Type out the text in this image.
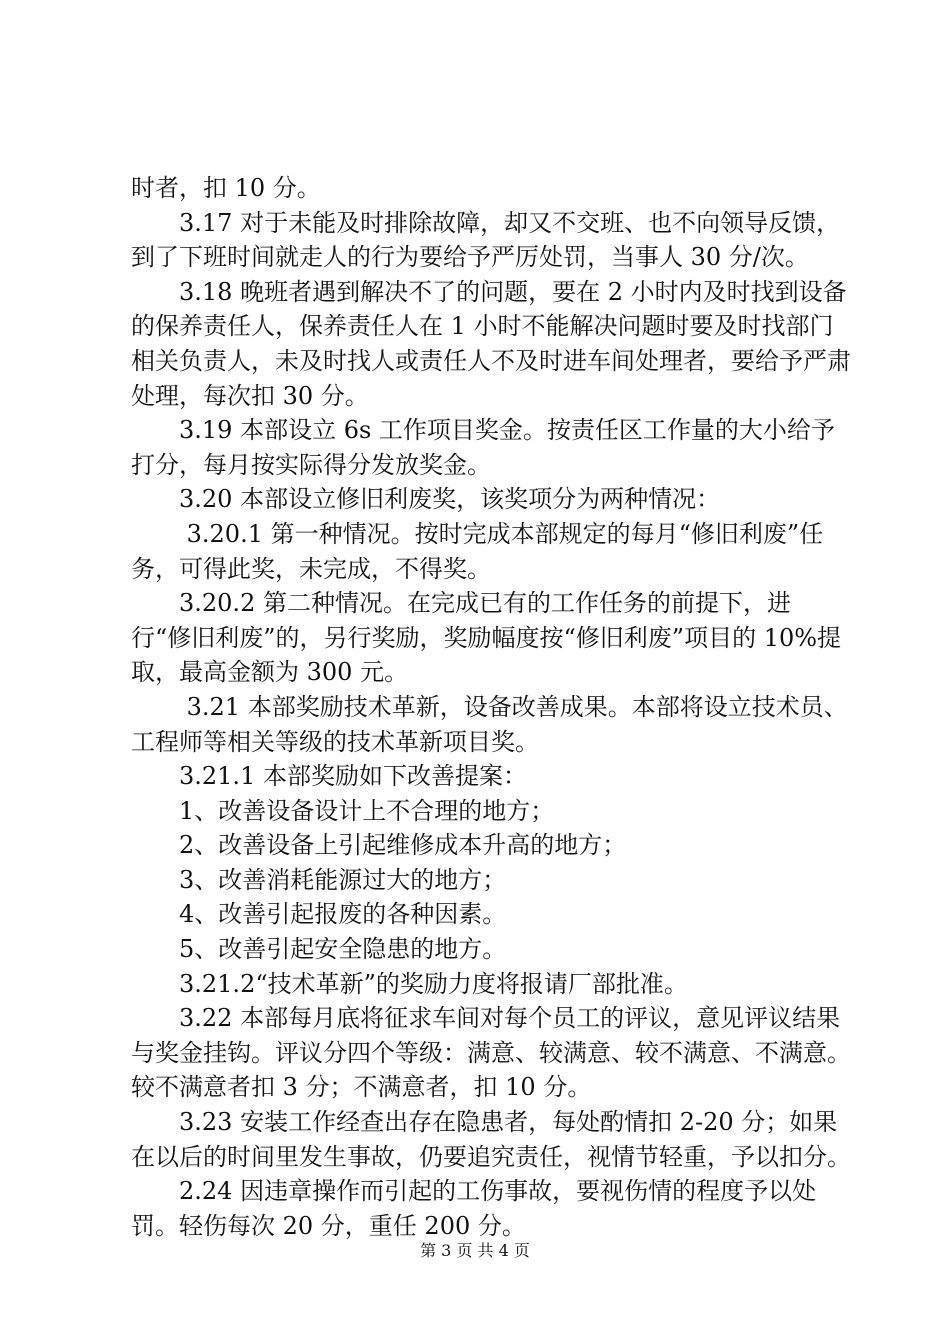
时者，扣 10 分。

　　3.17 对于未能及时排除故障，却又不交班、也不向领导反馈，到了下班时间就走人的行为要给予严厉处罚，当事人 30 分/次。

　　3.18 晚班者遇到解决不了的问题，要在 2 小时内及时找到设备的保养责任人，保养责任人在 1 小时不能解决问题时要及时找部门相关负责人，未及时找人或责任人不及时进车间处理者，要给予严肃处理，每次扣 30 分。

　　3.19 本部设立 6s 工作项目奖金。按责任区工作量的大小给予打分，每月按实际得分发放奖金。

　　3.20 本部设立修旧利废奖，该奖项分为两种情况：

　　 3.20.1 第一种情况。按时完成本部规定的每月“修旧利废”任务，可得此奖，未完成，不得奖。

　　3.20.2 第二种情况。在完成已有的工作任务的前提下，进行“修旧利废”的，另行奖励，奖励幅度按“修旧利废”项目的 10%提取，最高金额为 300 元。

　　 3.21 本部奖励技术革新，设备改善成果。本部将设立技术员、工程师等相关等级的技术革新项目奖。

　　3.21.1 本部奖励如下改善提案：

　　1、改善设备设计上不合理的地方；

　　2、改善设备上引起维修成本升高的地方；

　　3、改善消耗能源过大的地方；

　　4、改善引起报废的各种因素。

　　5、改善引起安全隐患的地方。

　　3.21.2“技术革新”的奖励力度将报请厂部批准。

　　3.22 本部每月底将征求车间对每个员工的评议，意见评议结果与奖金挂钩。评议分四个等级：满意、较满意、较不满意、不满意。较不满意者扣 3 分；不满意者，扣 10 分。

　　3.23 安装工作经查出存在隐患者，每处酌情扣 2-20 分；如果在以后的时间里发生事故，仍要追究责任，视情节轻重，予以扣分。

　　2.24 因违章操作而引起的工伤事故，要视伤情的程度予以处罚。轻伤每次 20 分，重任 200 分。

第 3 页 共 4 页
